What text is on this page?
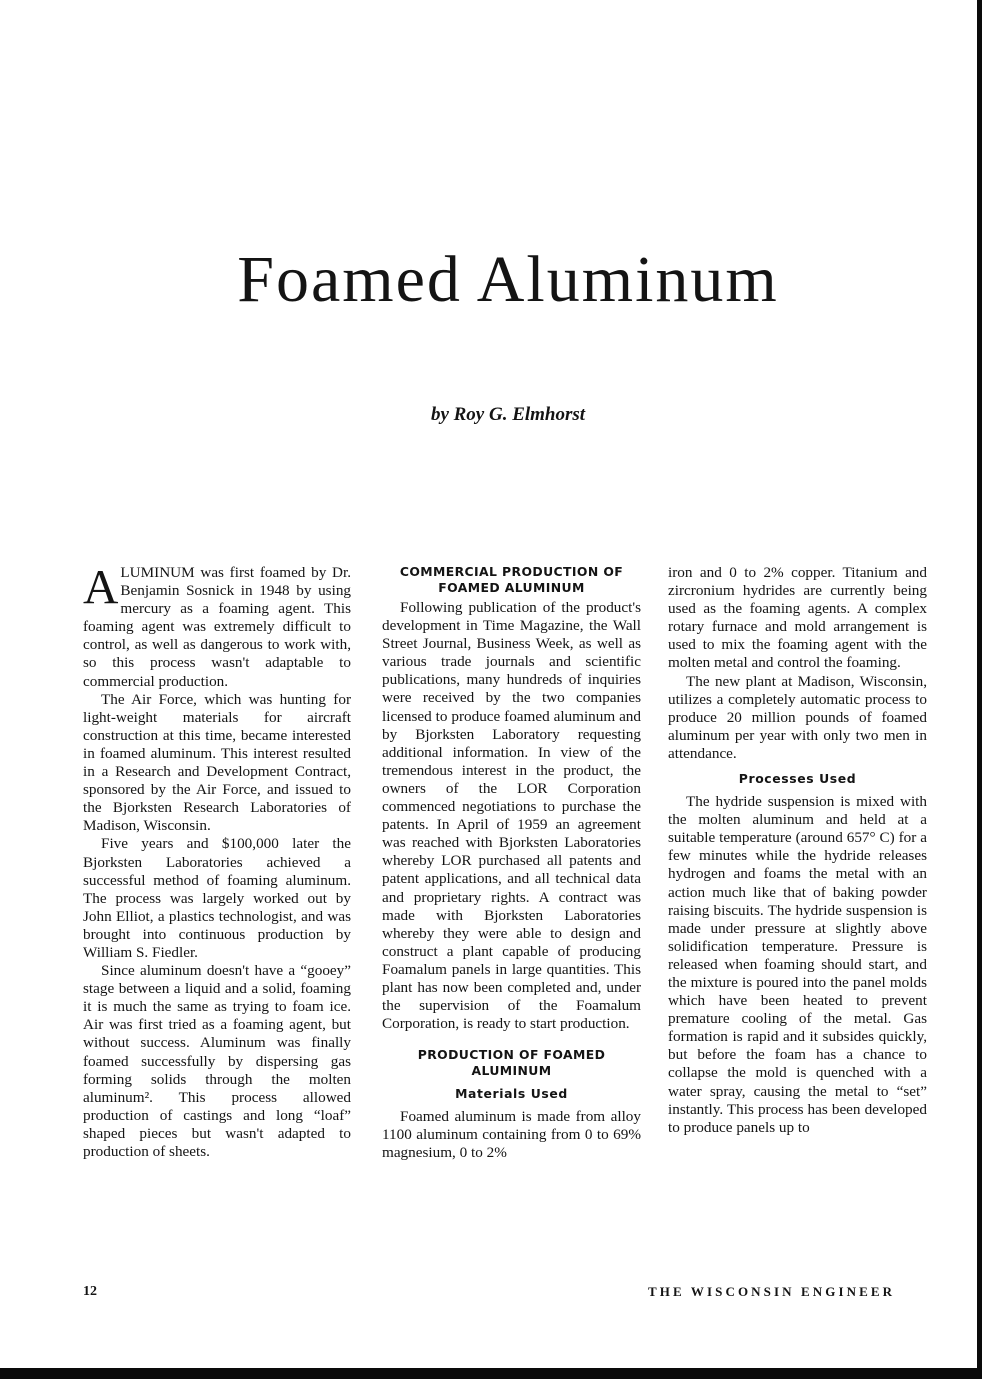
Foamed Aluminum
by Roy G. Elmhorst

ALUMINUM was first foamed by Dr. Benjamin Sosnick in 1948 by using mercury as a foaming agent. This foaming agent was extremely difficult to control, as well as dangerous to work with, so this process wasn't adaptable to commercial production.

The Air Force, which was hunting for light-weight materials for aircraft construction at this time, became interested in foamed aluminum. This interest resulted in a Research and Development Contract, sponsored by the Air Force, and issued to the Bjorksten Research Laboratories of Madison, Wisconsin.

Five years and $100,000 later the Bjorksten Laboratories achieved a successful method of foaming aluminum. The process was largely worked out by John Elliot, a plastics technologist, and was brought into continuous production by William S. Fiedler.

Since aluminum doesn't have a “gooey” stage between a liquid and a solid, foaming it is much the same as trying to foam ice. Air was first tried as a foaming agent, but without success. Aluminum was finally foamed successfully by dispersing gas forming solids through the molten aluminum². This process allowed production of castings and long “loaf” shaped pieces but wasn't adapted to production of sheets.

COMMERCIAL PRODUCTION OF FOAMED ALUMINUM

Following publication of the product's development in Time Magazine, the Wall Street Journal, Business Week, as well as various trade journals and scientific publications, many hundreds of inquiries were received by the two companies licensed to produce foamed aluminum and by Bjorksten Laboratory requesting additional information. In view of the tremendous interest in the product, the owners of the LOR Corporation commenced negotiations to purchase the patents. In April of 1959 an agreement was reached with Bjorksten Laboratories whereby LOR purchased all patents and patent applications, and all technical data and proprietary rights. A contract was made with Bjorksten Laboratories whereby they were able to design and construct a plant capable of producing Foamalum panels in large quantities. This plant has now been completed and, under the supervision of the Foamalum Corporation, is ready to start production.

PRODUCTION OF FOAMED ALUMINUM
Materials Used

Foamed aluminum is made from alloy 1100 aluminum containing from 0 to 69% magnesium, 0 to 2%

iron and 0 to 2% copper. Titanium and zircronium hydrides are currently being used as the foaming agents. A complex rotary furnace and mold arrangement is used to mix the foaming agent with the molten metal and control the foaming.

The new plant at Madison, Wisconsin, utilizes a completely automatic process to produce 20 million pounds of foamed aluminum per year with only two men in attendance.

Processes Used

The hydride suspension is mixed with the molten aluminum and held at a suitable temperature (around 657° C) for a few minutes while the hydride releases hydrogen and foams the metal with an action much like that of baking powder raising biscuits. The hydride suspension is made under pressure at slightly above solidification temperature. Pressure is released when foaming should start, and the mixture is poured into the panel molds which have been heated to prevent premature cooling of the metal. Gas formation is rapid and it subsides quickly, but before the foam has a chance to collapse the mold is quenched with a water spray, causing the metal to “set” instantly. This process has been developed to produce panels up to

12	THE WISCONSIN ENGINEER
